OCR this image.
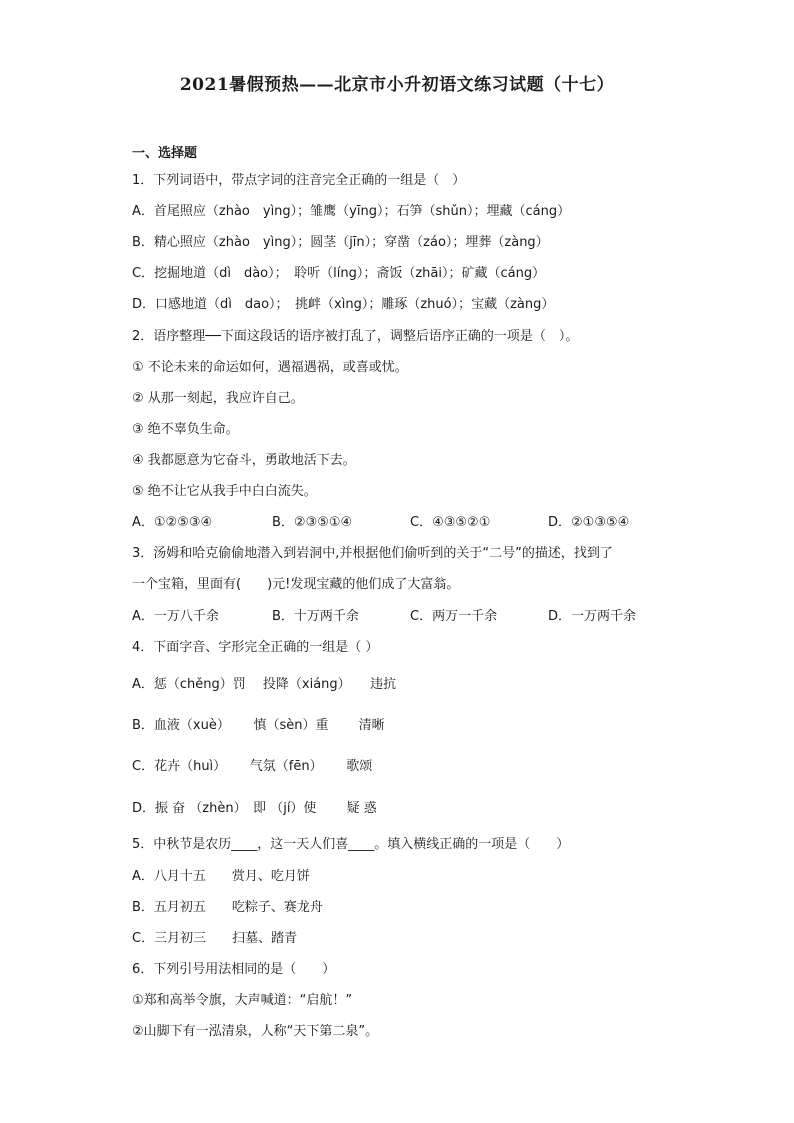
2021暑假预热——北京市小升初语文练习试题（十七）
一、选择题
1．下列词语中，带点字词的注音完全正确的一组是（　）
A．首尾照应（zhào　yìng）；雏鹰（yīng）；石笋（shǔn）；埋藏（cáng）
B．精心照应（zhào　yìng）；圆茎（jīn）；穿凿（záo）；埋葬（zàng）
C．挖掘地道（dì　dào）；　聆听（líng）；斋饭（zhāi）；矿藏（cáng）
D．口感地道（dì　dao）；　挑衅（xìng）；雕琢（zhuó）；宝藏（zàng）
2．语序整理──下面这段话的语序被打乱了，调整后语序正确的一项是（　）。
① 不论未来的命运如何，遇福遇祸，或喜或忧。
② 从那一刻起，我应许自己。
③ 绝不辜负生命。
④ 我都愿意为它奋斗，勇敢地活下去。
⑤ 绝不让它从我手中白白流失。
A．①②⑤③④	B．②③⑤①④	C．④③⑤②①	D．②①③⑤④
3．汤姆和哈克偷偷地潜入到岩洞中,并根据他们偷听到的关于“二号”的描述，找到了
一个宝箱，里面有(　　)元!发现宝藏的他们成了大富翁。
A．一万八千余	B．十万两千余	C．两万一千余	D．一万两千余
4．下面字音、字形完全正确的一组是（ ）
A．惩（chěng）罚　 投降（xiáng）　　违抗
B．血液（xuè）　　 慎（sèn）重　　 清晰
C．花卉（huì）　　 气氛（fēn）　　 歌颂
D．振 奋 （zhèn）　即 （jí）使　　 疑 惑
5．中秋节是农历____，这一天人们喜____。填入横线正确的一项是（　　）
A．八月十五　　赏月、吃月饼
B．五月初五　　吃粽子、赛龙舟
C．三月初三　　扫墓、踏青
6．下列引号用法相同的是（　　）
①郑和高举令旗，大声喊道：“启航！”
②山脚下有一泓清泉，人称“天下第二泉”。
